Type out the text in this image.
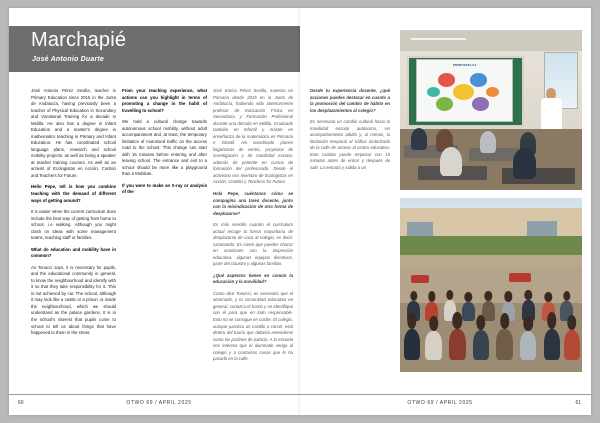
Marchapié
José Antonio Duarte

José Antonio Pérez Sevilla, teacher in Primary Education since 2015 in the Junta de Andalucía, having previously been a teacher of Physical Education in Secondary and Vocational Training for a decade in Melilla. He also has a degree in Infant Education and a master's degree in mathematics teaching in Primary and Infant Education. He has coordinated school language plans, research and school mobility projects, as well as being a speaker at teacher training courses. As well as an activist of Ecologistas en Acción, Conbici and Teachers for Future.

Hello Pepe, tell is how you combine teaching with the demand of different ways of getting around?

It is easier when the current curriculum does include the best way of getting from home to school, i.e walking. Although you might clash on ideas with some management teams, teaching staff or families.

What do education and mobility have in common?

As Tonucci says, it is necessary for pupils, and the educational community in general, to know the neighbourhood and identify with it so that they take responsibility for it. This is not achieved by car. The school, although it may look like a castle or a prison, is inside the neighbourhood, which we should understand as the palace gardens. It is in the school's interest that pupils come to school to tell us about things that have happened to them in the street.

From your teaching experience, what actions can you highlight in terms of promoting a change in the habit of travelling to school?

We hold a cultural change towards autonomous school mobility, without adult accompaniment and, at least, the temporary limitation of motorised traffic on the access road to the school. This change can start with 15 minutes before entering and after leaving school. The entrance and exit to a school should be more like a playground than a Mobilute.

If you were to make an X-ray or analysis of the

José Enrico Pérez Sevilla, maestro en Primaria desde 2015 en la Junta de Andalucía, habiendo sido anteriormente profesor de Educación Física en Secundaria y Formación Profesional durante una década en Melilla. Graduado también en Infantil y máster en enseñanza de la matemática en Primaria e Infantil. Ha coordinado planes lingüísticos de centro, proyectos de investigación y de movilidad escolar, además de ponente en cursos de formación del profesorado. Desde el activismo nos miembro de Ecologistas en Acción, ConBici y Teachers for Future.

Hola Pepe, cuéntanos cómo se compagina una tarea docente, junto con la reivindicación de otra forma de desplazarse?

Es más sencillo cuando el currículum actual recoge la forma mayoritaria de desplazarse de casa al colegio, es decir, caminando. Es cierto que puedes chocar en ocasiones con la inspección educativa, algunos equipos directivos, parte del claustro y algunas familias.

¿Qué aspectos tienen en común la educación y la movilidad?

Como dice Tonucci, es necesario que el alumnado, y la comunidad educativa en general, conozca el barrio y se identifique con él para que en todo responsable. Esto no se consigue en coche. El colegio, aunque parezca un castillo o cárcel, está dentro del barrio que debería entenderse como los jardines de palacio. A la escuela nos interesa que el alumnado venga al colegio y a contarnos cosas que le ha pasado en la calle.

60	OTWO 69 / APRIL 2025

Desde tu experiencia docente, ¿qué acciones puedes destacar en cuanto a la promoción del cambio de hábito en los desplazamientos al colegio?

Es necesario un cambio cultural hacia la movilidad escolar autónoma, sin acompañamiento adulto y, al menos, la limitación temporal al tráfico motorizado de la calle de acceso al centro educativo. Este cambio puede empezar con 15 minutos antes de entrar y después de salir. La entrada y salida a un

PROPUESTA 3-1
OTWO 69 / APRIL 2025	61
